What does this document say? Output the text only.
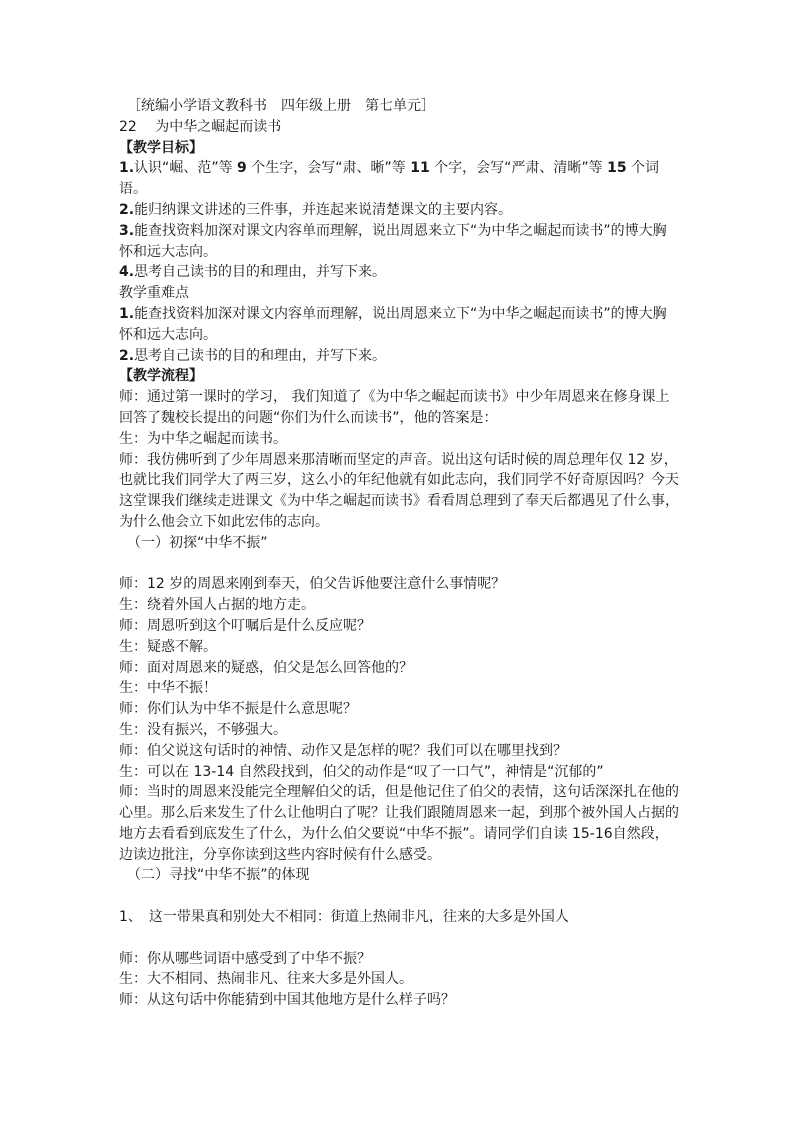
［统编小学语文教科书　四年级上册　第七单元］
22　 为中华之崛起而读书
【教学目标】
1.认识“崛、范”等 9 个生字，会写“肃、晰”等 11 个字，会写“严肃、清晰”等 15 个词
语。
2.能归纳课文讲述的三件事，并连起来说清楚课文的主要内容。
3.能查找资料加深对课文内容单而理解，说出周恩来立下“为中华之崛起而读书”的博大胸
怀和远大志向。
4.思考自己读书的目的和理由，并写下来。
教学重难点
1.能查找资料加深对课文内容单而理解，说出周恩来立下“为中华之崛起而读书”的博大胸
怀和远大志向。
2.思考自己读书的目的和理由，并写下来。
【教学流程】
师：通过第一课时的学习， 我们知道了《为中华之崛起而读书》中少年周恩来在修身课上
回答了魏校长提出的问题“你们为什么而读书”，他的答案是：
生：为中华之崛起而读书。
师：我仿佛听到了少年周恩来那清晰而坚定的声音。说出这句话时候的周总理年仅 12 岁，
也就比我们同学大了两三岁，这么小的年纪他就有如此志向，我们同学不好奇原因吗？今天
这堂课我们继续走进课文《为中华之崛起而读书》看看周总理到了奉天后都遇见了什么事，
为什么他会立下如此宏伟的志向。
（一）初探“中华不振”
师：12 岁的周恩来刚到奉天，伯父告诉他要注意什么事情呢？
生：绕着外国人占据的地方走。
师：周恩听到这个叮嘱后是什么反应呢？
生：疑惑不解。
师：面对周恩来的疑惑，伯父是怎么回答他的？
生：中华不振！
师：你们认为中华不振是什么意思呢？
生：没有振兴，不够强大。
师：伯父说这句话时的神情、动作又是怎样的呢？我们可以在哪里找到？
生：可以在 13-14 自然段找到，伯父的动作是“叹了一口气”，神情是“沉郁的”
师：当时的周恩来没能完全理解伯父的话，但是他记住了伯父的表情，这句话深深扎在他的
心里。那么后来发生了什么让他明白了呢？让我们跟随周恩来一起，到那个被外国人占据的
地方去看看到底发生了什么，为什么伯父要说“中华不振”。请同学们自读 15-16自然段，
边读边批注，分享你读到这些内容时候有什么感受。
（二）寻找“中华不振”的体现
1、　这一带果真和别处大不相同：街道上热闹非凡，往来的大多是外国人
师：你从哪些词语中感受到了中华不振？
生：大不相同、热闹非凡、往来大多是外国人。
师：从这句话中你能猜到中国其他地方是什么样子吗？
